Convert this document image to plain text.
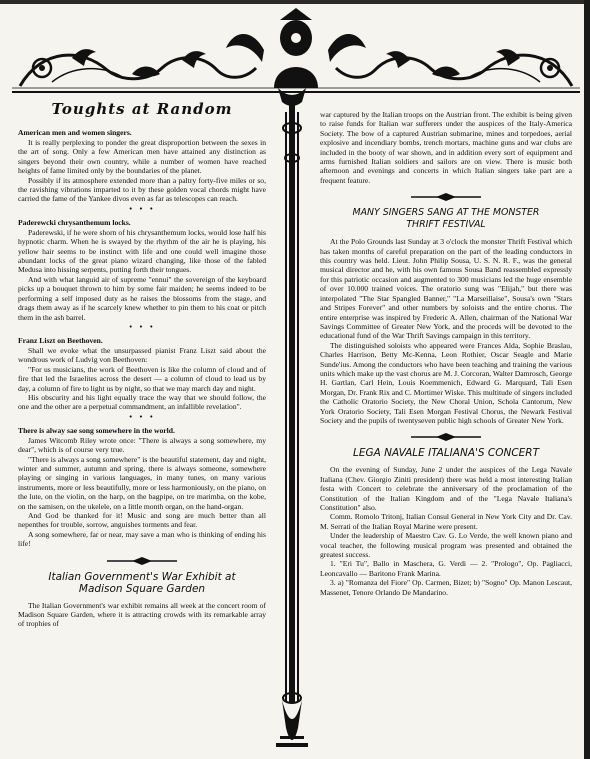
Toughts at Random
American men and women singers.

It is really perplexing to ponder the great disproportion between the sexes in the art of song. Only a few American men have attained any distinction as singers beyond their own country, while a number of women have reached heights of fame limited only by the boundaries of the planet.

Possibly if its atmosphere extended more than a paltry forty-five miles or so, the ravishing vibrations imparted to it by these golden vocal chords might have carried the fame of the Yankee divos even as far as telescopes can reach.

• • •
Paderewcki chrysanthemum locks.

Paderewski, if he were shorn of his chrysanthemum locks, would lose half his hypnotic charm. When he is swayed by the rhythm of the air he is playing, his yellow hair seems to be instinct with life and one could well imagine those abundant locks of the great piano wizard changing, like those of the fabled Medusa into hissing serpents, putting forth their tongues.

And with what languid air of supreme "ennui" the sovereign of the keyboard picks up a bouquet thrown to him by some fair maiden; he seems indeed to be performing a self imposed duty as he raises the blossoms from the stage, and drags them away as if he scarcely knew whether to pin them to his coat or pitch them in the ash barrel.

• • •
Franz Liszt on Beethoven.

Shall we evoke what the unsurpassed pianist Franz Liszt said about the wondrous work of Ludvig von Beethoven:

"For us musicians, the work of Beethoven is like the column of cloud and of fire that led the Israelites across the desert — a column of cloud to lead us by day, a column of fire to light us by night, so that we may march day and night.

His obscurity and his light equally trace the way that we should follow, the one and the other are a perpetual commandment, an infallible revelation".

• • •
There is alway sae song somewhere in the world.

James Witcomb Riley wrote once: "There is always a song somewhere, my dear", which is of course very true.

"There is always a song somewhere" is the beautiful statement, day and night, winter and summer, autumn and spring, there is always someone, somewhere playing or singing in various languages, in many tunes, on many various instruments, more or less beautifully, more or less harmoniously, on the piano, on the lute, on the violin, on the harp, on the bagpipe, on tre marimba, on the kobe, on the samisen, on the ukelele, on a little month organ, on the hand-organ.

And God be thanked for it! Music and song are much better than all nepenthes for trouble, sorrow, anguishes torments and fear.

A song somewhere, far or near, may save a man who is thinking of ending his life!

Italian Government's War Exhibit at
Madison Square Garden

The Italian Government's war exhibit remains all week at the concert room of Madison Square Garden, where it is attracting crowds with its remarkable array of trophies of

war captured by the Italian troops on the Austrian front. The exhibit is being given to raise funds for Italian war sufferers under the auspices of the Italy-America Society. The bow of a captured Austrian submarine, mines and torpedoes, aerial explosive and incendiary bombs, trench mortars, machine guns and war clubs are included in the booty of war shown, and in addition every sort of equipment and arms furnished Italian soldiers and sailors are on view. There is music both afternoon and evenings and concerts in which Italian singers take part are a frequent feature.

MANY SINGERS SANG AT THE MONSTER
THRIFT FESTIVAL

At the Polo Grounds last Sunday at 3 o'clock the monster Thrift Festival which has taken months of careful preparation on the part of the leading conductors in this country was held. Lieut. John Philip Sousa, U. S. N. R. F., was the general musical director and he, with his own famous Sousa Band reassembled expressly for this patriotic occasion and augmented to 300 musicians led the huge ensemble of over 10.000 trained voices. The oratorio sung was "Elijah," but there was interpolated "The Star Spangled Banner," "La Marseillaise", Sousa's own "Stars and Stripes Forever" and other numbers by soloists and the entire chorus. The entire enterprise was inspired by Frederic A. Allen, chairman of the National War Savings Committee of Greater New York, and the proceds will be devoted to the educational fund of the War Thrift Savings campaign in this territory.

The distinguished soloists who appeared were Frances Alda, Sophie Braslau, Charles Harrison, Betty Mc-Kenna, Leon Rothier, Oscar Seagle and Marie Sunde'ius. Among the conductors who have been teaching and training the various units which make up the vast chorus are M. J. Corcoran, Walter Damrosch, George H. Gartlan, Carl Hein, Louis Koemmenich, Edward G. Marquard, Tali Esen Morgan, Dr. Frank Rix and C. Mortimer Wiske. This multitude of singers included the Catholic Oratorio Society, the New Choral Union, Schola Cantorum, New York Oratorio Society, Tali Esen Morgan Festival Chorus, the Newark Festival Society and the pupils of twentyseven public high schools of Greater New York.

LEGA NAVALE ITALIANA'S CONCERT

On the evening of Sunday, June 2 under the auspices of the Lega Navale Italiana (Chev. Giorgio Ziniti president) there was held a most interesting Italian festa with Concert to celebrate the anniversary of the proclamation of the Constitution of the Italian Kingdom and of the "Lega Navale Italiana's Constitution" also.

Comm. Romolo Tritonj, Italian Consul General in New York City and Dr. Cav. M. Serrati of the Italian Royal Marine were present.

Under the leadership of Maestro Cav. G. Lo Verde, the well known piano and vocal teacher, the following musical program was presented and obtained the greatest success.

1. "Eri Tu", Ballo in Maschera, G. Verdi — 2. "Prologo", Op. Pagliacci, Leoncavallo — Baritono Frank Marina.

3. a) "Romanza del Fiore" Op. Carmen, Bizet; b) "Sogno" Op. Manon Lescaut, Massenet, Tenore Orlando De Mandarino.
